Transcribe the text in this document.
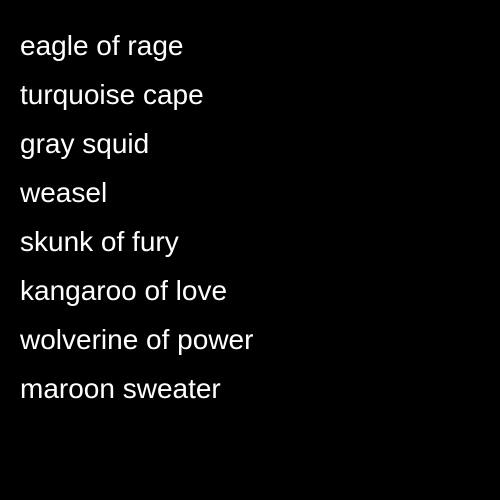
eagle of rage
turquoise cape
gray squid
weasel
skunk of fury
kangaroo of love
wolverine of power
maroon sweater
